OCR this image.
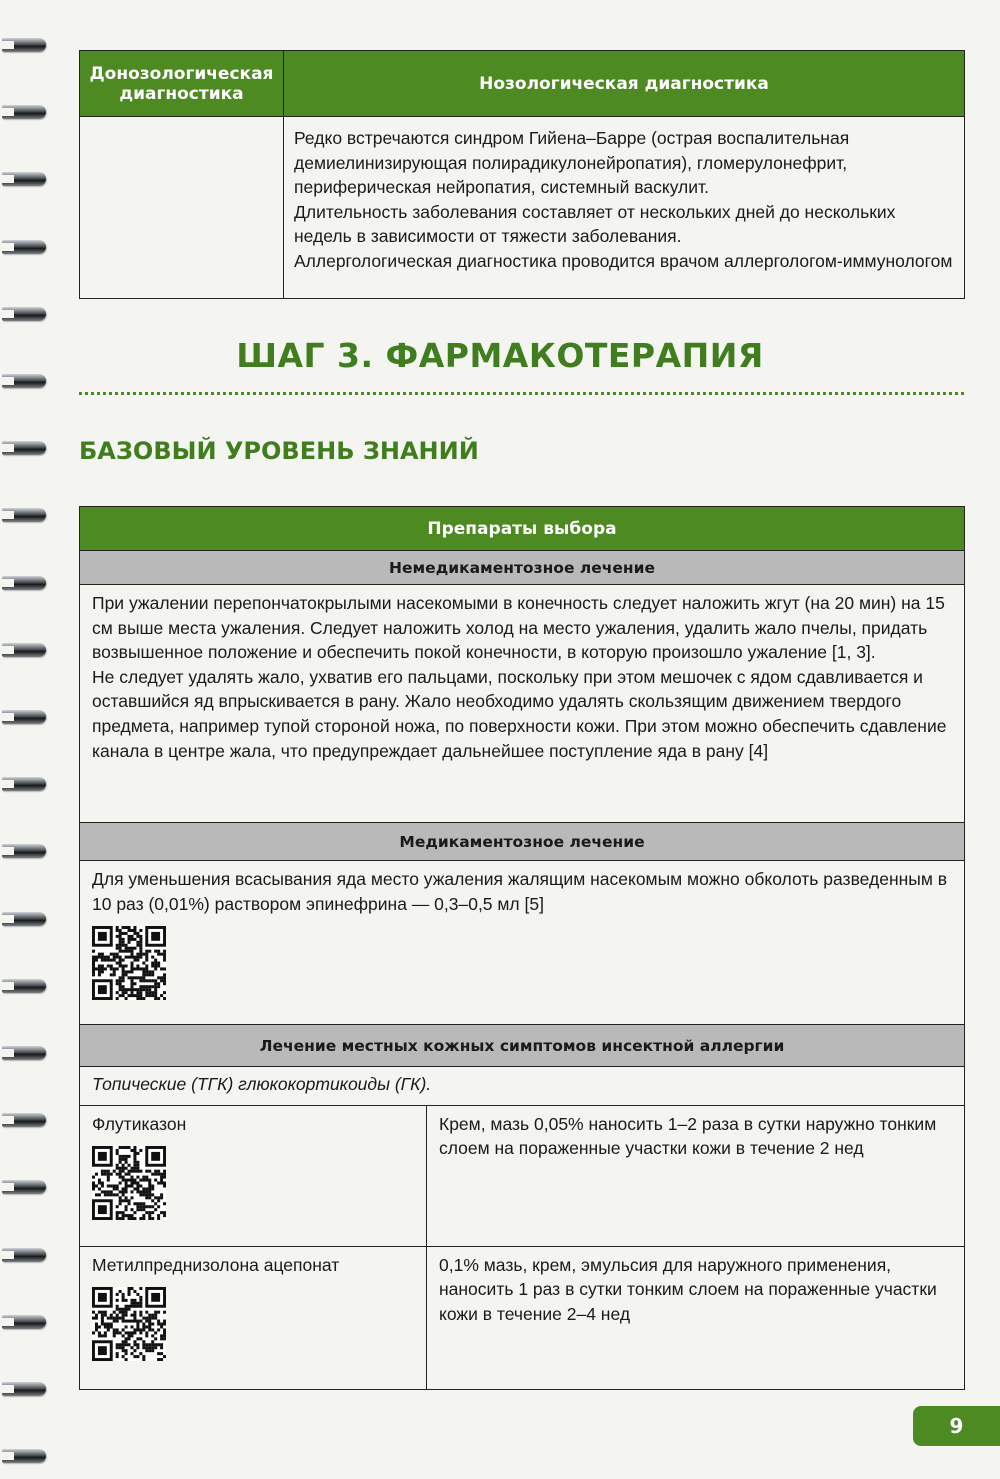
Донозологическая диагностика	Нозологическая диагностика

	Редко встречаются синдром Гийена–Барре (острая воспалительная демиелинизирующая полирадикулонейропатия), гломерулонефрит, периферическая нейропатия, системный васкулит.
Длительность заболевания составляет от нескольких дней до нескольких недель в зависимости от тяжести заболевания.
Аллергологическая диагностика проводится врачом аллергологом-иммунологом
ШАГ 3. ФАРМАКОТЕРАПИЯ
БАЗОВЫЙ УРОВЕНЬ ЗНАНИЙ
Препараты выбора	
Немедикаментозное лечение	

При ужалении перепончатокрылыми насекомыми в конечность следует наложить жгут (на 20 мин) на 15 см выше места ужаления. Следует наложить холод на место ужаления, удалить жало пчелы, придать возвышенное положение и обеспечить покой конечности, в которую произошло ужаление [1, 3].
Не следует удалять жало, ухватив его пальцами, поскольку при этом мешочек с ядом сдавливается и оставшийся яд впрыскивается в рану. Жало необходимо удалять скользящим движением твердого предмета, например тупой стороной ножа, по поверхности кожи. При этом можно обеспечить сдавление канала в центре жала, что предупреждает дальнейшее поступление яда в рану [4]	

Медикаментозное лечение	

Для уменьшения всасывания яда место ужаления жалящим насекомым можно обколоть разведенным в 10 раз (0,01%) раствором эпинефрина — 0,3–0,5 мл [5]	

Лечение местных кожных симптомов инсектной аллергии	
Топические (ТГК) глюкокортикоиды (ГК).	

Флутиказон	Крем, мазь 0,05% наносить 1–2 раза в сутки наружно тонким слоем на пораженные участки кожи в течение 2 нед

Метилпреднизолона ацепонат	0,1% мазь, крем, эмульсия для наружного применения, наносить 1 раз в сутки тонким слоем на пораженные участки кожи в течение 2–4 нед
9
